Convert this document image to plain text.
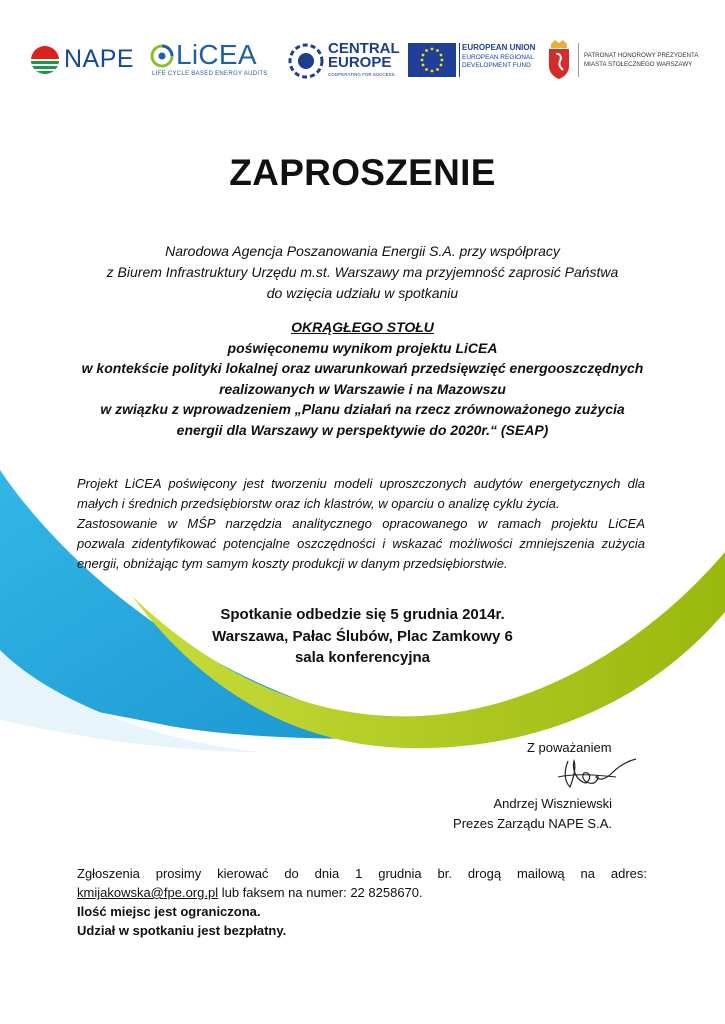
NAPE LiCEA
LIFE CYCLE BASED ENERGY AUDITS
CENTRAL
EUROPE
COOPERATING FOR SUCCESS.
EUROPEAN UNION
EUROPEAN REGIONAL
DEVELOPMENT FUND
PATRONAT HONOROWY PREZYDENTA
MIASTA STOŁECZNEGO WARSZAWY
ZAPROSZENIE
Narodowa Agencja Poszanowania Energii S.A. przy współpracy
z Biurem Infrastruktury Urzędu m.st. Warszawy ma przyjemność zaprosić Państwa
do wzięcia udziału w spotkaniu
OKRĄGŁEGO STOŁU
poświęconemu wynikom projektu LiCEA
w kontekście polityki lokalnej oraz uwarunkowań przedsięwzięć energooszczędnych
realizowanych w Warszawie i na Mazowszu
w związku z wprowadzeniem „Planu działań na rzecz zrównoważonego zużycia
energii dla Warszawy w perspektywie do 2020r.“ (SEAP)
Projekt LiCEA poświęcony jest tworzeniu modeli uproszczonych audytów energetycznych dla
małych i średnich przedsiębiorstw oraz ich klastrów, w oparciu o analizę cyklu życia.
Zastosowanie w MŚP narzędzia analitycznego opracowanego w ramach projektu LiCEA
pozwala zidentyfikować potencjalne oszczędności i wskazać możliwości zmniejszenia zużycia
energii, obniżając tym samym koszty produkcji w danym przedsiębiorstwie.
Spotkanie odbedzie się 5 grudnia 2014r.
Warszawa, Pałac Ślubów, Plac Zamkowy 6
sala konferencyjna
Z poważaniem
Andrzej Wiszniewski
Prezes Zarządu NAPE S.A.
Zgłoszenia prosimy kierować do dnia 1 grudnia br. drogą mailową na adres:
kmijakowska@fpe.org.pl lub faksem na numer: 22 8258670.
Ilość miejsc jest ograniczona.
Udział w spotkaniu jest bezpłatny.
